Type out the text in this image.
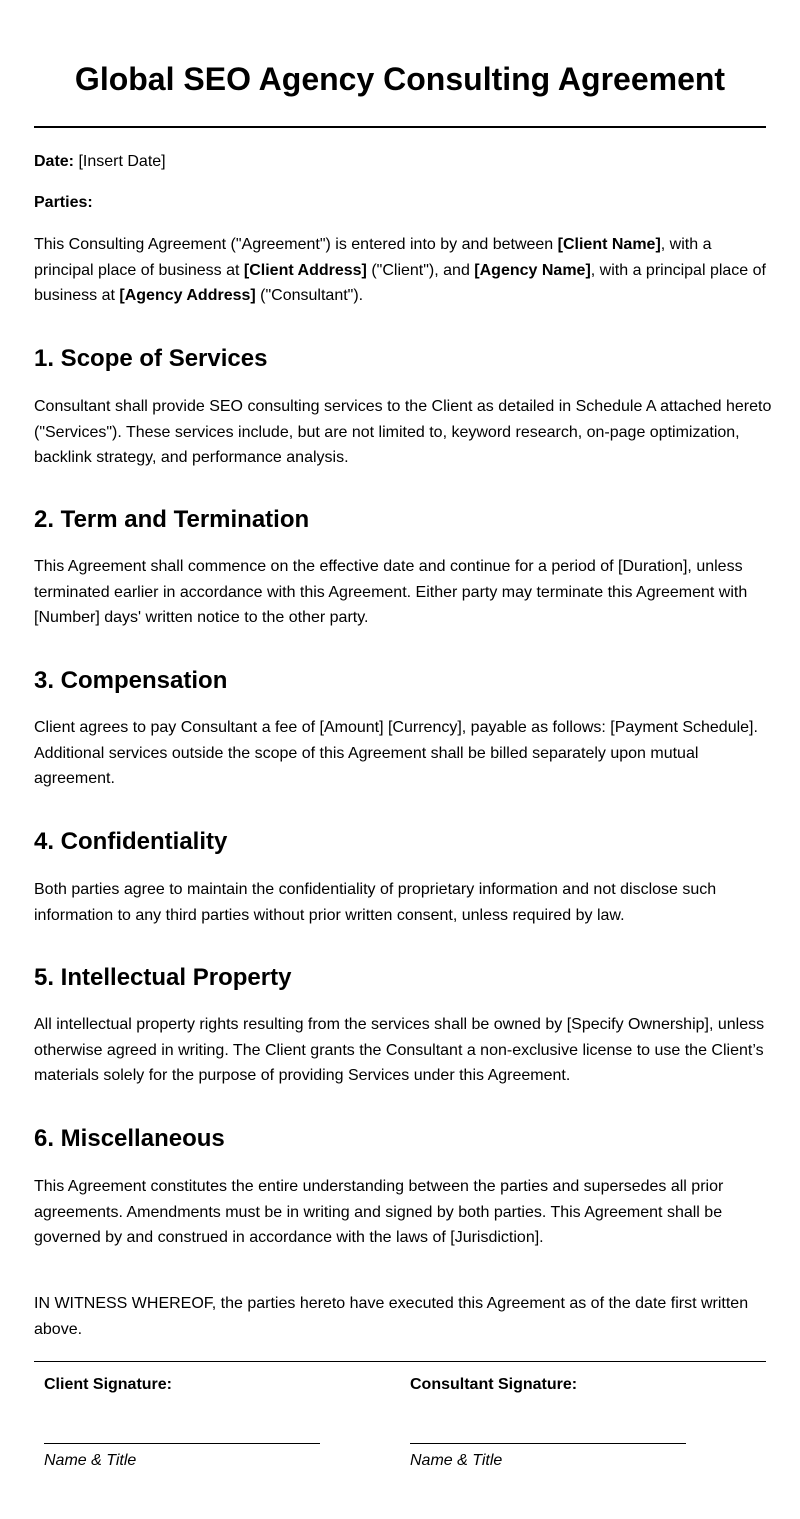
Global SEO Agency Consulting Agreement

Date: [Insert Date]

Parties:

This Consulting Agreement ("Agreement") is entered into by and between [Client Name], with a principal place of business at [Client Address] ("Client"), and [Agency Name], with a principal place of business at [Agency Address] ("Consultant").

1. Scope of Services

Consultant shall provide SEO consulting services to the Client as detailed in Schedule A attached hereto ("Services"). These services include, but are not limited to, keyword research, on-page optimization, backlink strategy, and performance analysis.

2. Term and Termination

This Agreement shall commence on the effective date and continue for a period of [Duration], unless terminated earlier in accordance with this Agreement. Either party may terminate this Agreement with [Number] days' written notice to the other party.

3. Compensation

Client agrees to pay Consultant a fee of [Amount] [Currency], payable as follows: [Payment Schedule]. Additional services outside the scope of this Agreement shall be billed separately upon mutual agreement.

4. Confidentiality

Both parties agree to maintain the confidentiality of proprietary information and not disclose such information to any third parties without prior written consent, unless required by law.

5. Intellectual Property

All intellectual property rights resulting from the services shall be owned by [Specify Ownership], unless otherwise agreed in writing. The Client grants the Consultant a non-exclusive license to use the Client’s materials solely for the purpose of providing Services under this Agreement.

6. Miscellaneous

This Agreement constitutes the entire understanding between the parties and supersedes all prior agreements. Amendments must be in writing and signed by both parties. This Agreement shall be governed by and construed in accordance with the laws of [Jurisdiction].

IN WITNESS WHEREOF, the parties hereto have executed this Agreement as of the date first written above.

Client Signature:

Name & Title

Consultant Signature:

Name & Title
